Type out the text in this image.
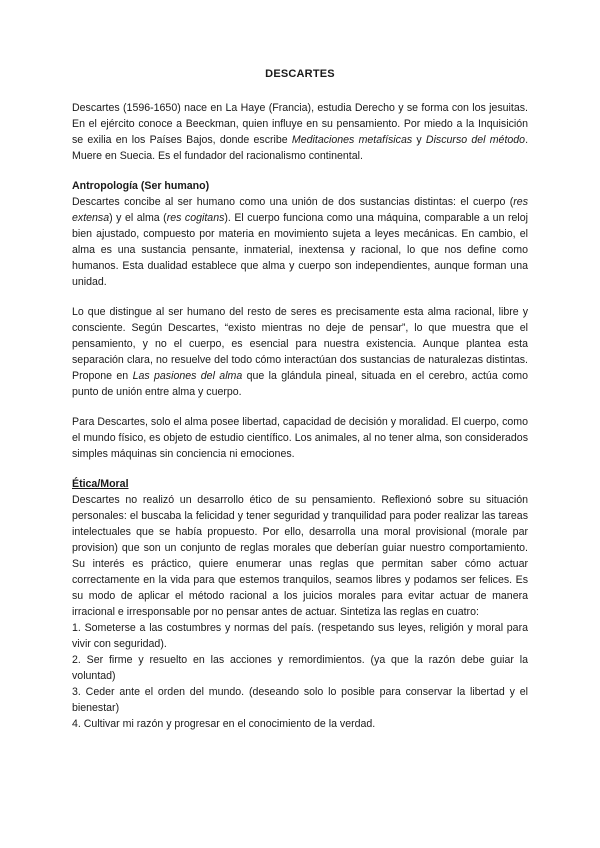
DESCARTES

Descartes (1596-1650) nace en La Haye (Francia), estudia Derecho y se forma con los jesuitas. En el ejército conoce a Beeckman, quien influye en su pensamiento. Por miedo a la Inquisición se exilia en los Países Bajos, donde escribe Meditaciones metafísicas y Discurso del método. Muere en Suecia. Es el fundador del racionalismo continental.

Antropología (Ser humano)

Descartes concibe al ser humano como una unión de dos sustancias distintas: el cuerpo (res extensa) y el alma (res cogitans). El cuerpo funciona como una máquina, comparable a un reloj bien ajustado, compuesto por materia en movimiento sujeta a leyes mecánicas. En cambio, el alma es una sustancia pensante, inmaterial, inextensa y racional, lo que nos define como humanos. Esta dualidad establece que alma y cuerpo son independientes, aunque forman una unidad.

Lo que distingue al ser humano del resto de seres es precisamente esta alma racional, libre y consciente. Según Descartes, “existo mientras no deje de pensar”, lo que muestra que el pensamiento, y no el cuerpo, es esencial para nuestra existencia. Aunque plantea esta separación clara, no resuelve del todo cómo interactúan dos sustancias de naturalezas distintas. Propone en Las pasiones del alma que la glándula pineal, situada en el cerebro, actúa como punto de unión entre alma y cuerpo.

Para Descartes, solo el alma posee libertad, capacidad de decisión y moralidad. El cuerpo, como el mundo físico, es objeto de estudio científico. Los animales, al no tener alma, son considerados simples máquinas sin conciencia ni emociones.

Ética/Moral

Descartes no realizó un desarrollo ético de su pensamiento. Reflexionó sobre su situación personales: el buscaba la felicidad y tener seguridad y tranquilidad para poder realizar las tareas intelectuales que se había propuesto. Por ello, desarrolla una moral provisional (morale par provision) que son un conjunto de reglas morales que deberían guiar nuestro comportamiento. Su interés es práctico, quiere enumerar unas reglas que permitan saber cómo actuar correctamente en la vida para que estemos tranquilos, seamos libres y podamos ser felices. Es su modo de aplicar el método racional a los juicios morales para evitar actuar de manera irracional e irresponsable por no pensar antes de actuar. Sintetiza las reglas en cuatro:

1. Someterse a las costumbres y normas del país. (respetando sus leyes, religión y moral para vivir con seguridad).

2. Ser firme y resuelto en las acciones y remordimientos. (ya que la razón debe guiar la voluntad)

3. Ceder ante el orden del mundo. (deseando solo lo posible para conservar la libertad y el bienestar)

4. Cultivar mi razón y progresar en el conocimiento de la verdad.
